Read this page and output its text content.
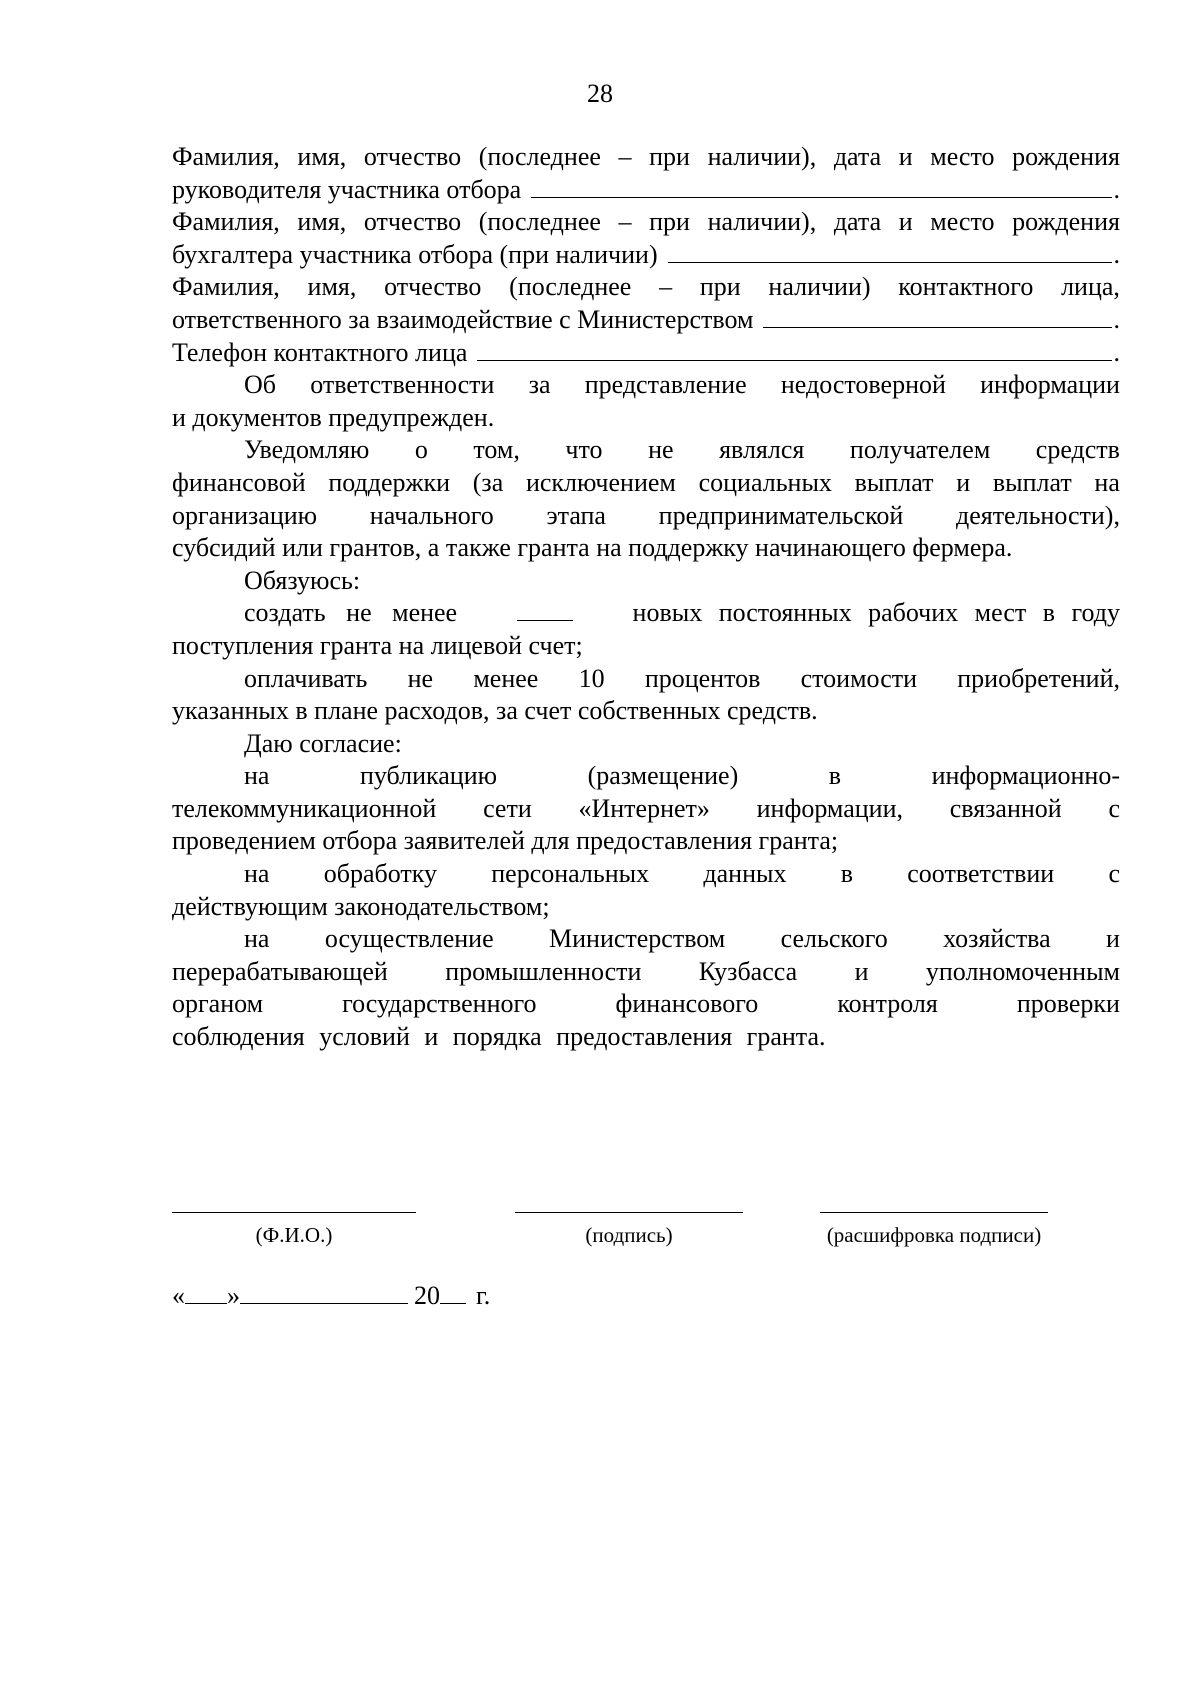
28
Фамилия, имя, отчество (последнее – при наличии), дата и место рождения
руководителя участника отбора	.
Фамилия, имя, отчество (последнее – при наличии), дата и место рождения
бухгалтера участника отбора (при наличии)	.
Фамилия, имя, отчество (последнее – при наличии) контактного лица,
ответственного за взаимодействие с Министерством	.
Телефон контактного лица	.
Об ответственности за представление недостоверной информации
и документов предупрежден.
Уведомляю о том, что не являлся получателем средств
финансовой поддержки (за исключением социальных выплат и выплат на
организацию начального этапа предпринимательской деятельности),
субсидий или грантов, а также гранта на поддержку начинающего фермера.
Обязуюсь:
создать не менее	новых постоянных рабочих мест в году
поступления гранта на лицевой счет;
оплачивать не менее 10 процентов стоимости приобретений,
указанных в плане расходов, за счет собственных средств.
Даю согласие:
на	публикацию	(размещение)	в	информационно-
телекоммуникационной сети «Интернет» информации, связанной с
проведением отбора заявителей для предоставления гранта;
на обработку персональных данных в соответствии с
действующим законодательством;
на осуществление Министерством сельского хозяйства и
перерабатывающей промышленности Кузбасса и уполномоченным
органом	государственного	финансового	контроля	проверки
соблюдения условий и порядка предоставления гранта.
(Ф.И.О.)	(подпись)	(расшифровка подписи)
« »	20 г.
